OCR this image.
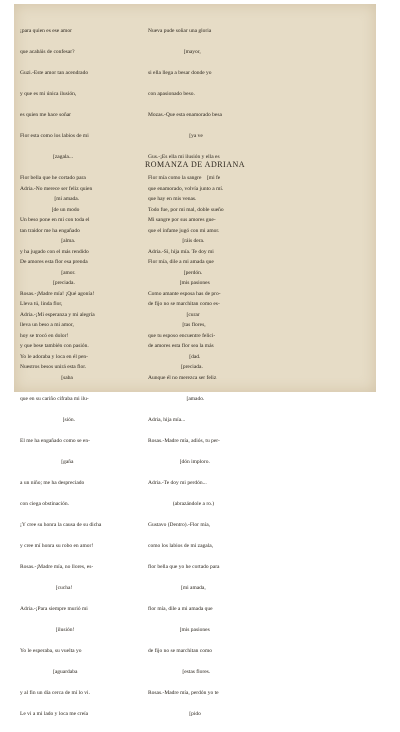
¡para quien es ese amor

que acabáis de confesar?

Guzi.-Este amor tan acendrado

y que es mi única ilusión,

es quien me hace soñar

Flor esta como los labios de mi

[zagala...

Flor bella que he cortado para

[mi amada.

Un beso pone en mi con toda el

[alma.

De amores esta flor esa prenda

[preciada.

Lleva tú, linda flor,

lleva un beso a mi amor,

y que bese también con pasión.

Nuestros besos unirá esta flor.

Nueva pude soñar una gloria

[mayor,

si ella llega a besar donde yo

con apasionado beso.

Mozas.-Que esta enamorado besa

[ya ve

Gus.-¡Es ella mi ilusión y ella es

Flor mía como la sangre    [mi fe

que hay en mis venas.

Mi sangre por sus amores gue-

[ráis dera.

Flor mía, dile a mi amada que

[mis pasiones

de fijo no se marchitan como es-

[tas flores,

de amores esta flor sea la más

[preciada.

ROMANZA DE ADRIANA

Adria.-No merece ser feliz quien

[de un modo

tan traidor me ha engañado

y ha jugado con el más rendido

[amor.

Rosas.-¡Madre mía! ¡Qué agonía!

Adria.-¡Mi esperanza y mi alegría

hoy se trocó en dolor!

Yo le adoraba y loca en él pen-

[saba

que en su cariño cifraba mi ilu-

[sión.

El me ha engañado como se en-

[gaña

a un niño; me ha despreciado

con ciega obstinación.

¡Y cree su honra la causa de su dicha

y cree mí honra su robo en amor!

Rosas.-¡Madre mía, no llores, es-

[cucha!

Adria.-¡Para siempre murió mi

[ilusión!

Yo le esperaba, su vuelta yo

[aguardaba

y al fin un día cerca de mí lo vi.

Le vi a mi lado y loca me creía

que enamorado, volvía junto a mí.

Todo fue, por mi mal, doble sueño

que el infame jugó con mi amor.

Adria.-Si, hija mía. Te doy mi

[perdón.

Como amante esposa has de pro-

[curar

que tu esposo encuentre felici-

[dad.

Aunque él no merezca ser feliz

[amado.

Adria, hija mía...

Rosas.-Madre mía, adiós, tu per-

[dón imploro.

Adria.-Te doy mi perdón...

(abrazándole a ro.)

Gustavo (Dentro).-Flor mía,

como los labios de mi zagala,

flor bella que yo he cortado para

[mi amada,

flor mía, dile a mi amada que

[mis pasiones

de fijo no se marchitan como

[estas flores.

Rosas.-Madre mía, perdón yo te

[pido
